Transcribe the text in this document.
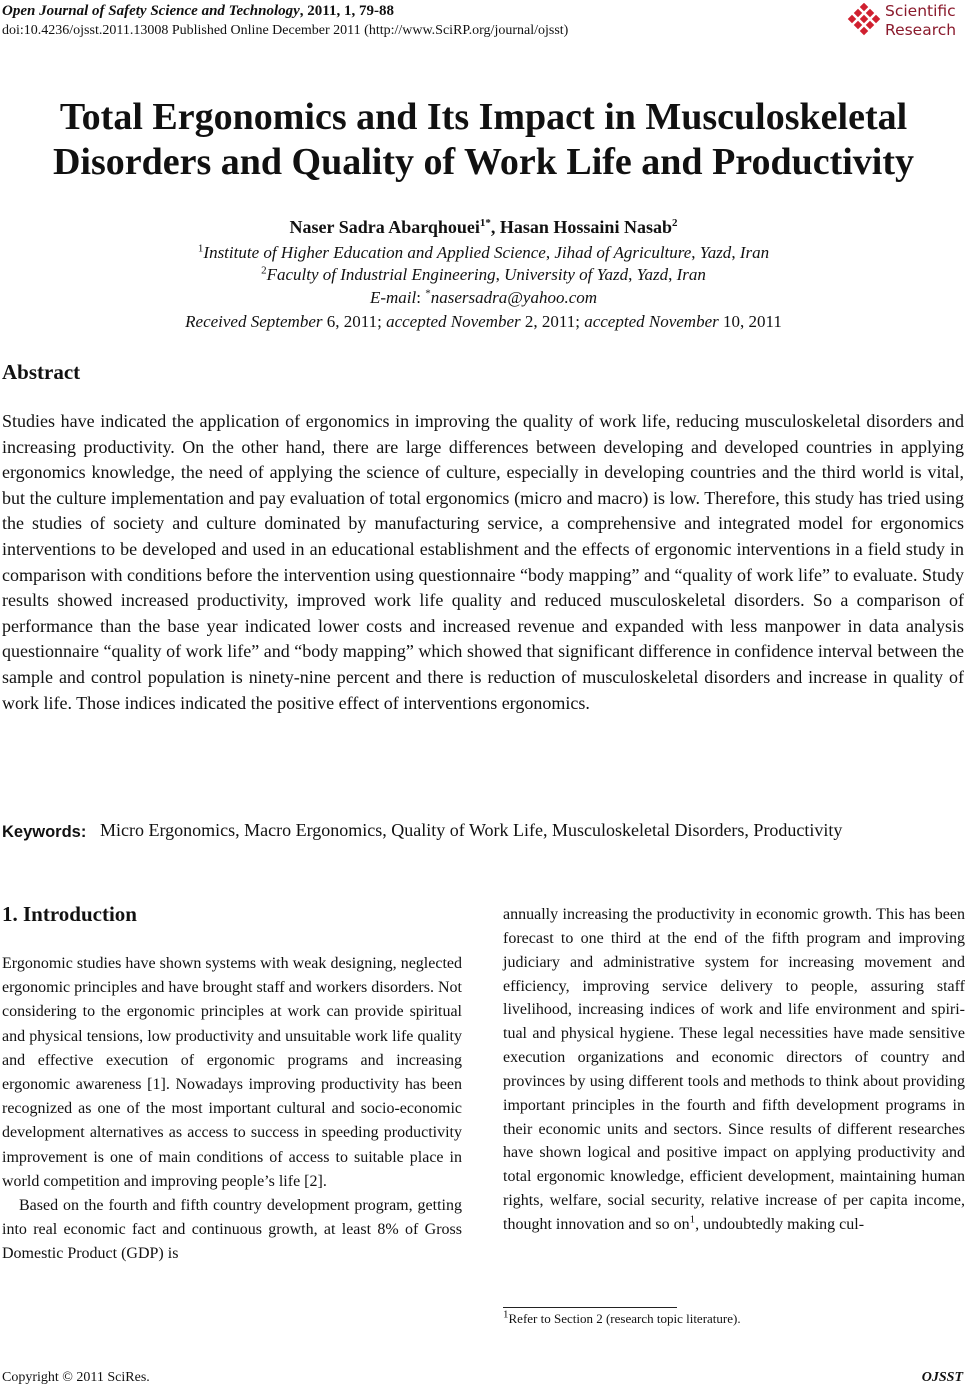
Open Journal of Safety Science and Technology, 2011, 1, 79-88
doi:10.4236/ojsst.2011.13008 Published Online December 2011 (http://www.SciRP.org/journal/ojsst)
Scientific
Research
Total Ergonomics and Its Impact in Musculoskeletal
Disorders and Quality of Work Life and Productivity
Naser Sadra Abarqhouei$^{1*}$, Hasan Hossaini Nasab$^2$
$^1$Institute of Higher Education and Applied Science, Jihad of Agriculture, Yazd, Iran
$^2$Faculty of Industrial Engineering, University of Yazd, Yazd, Iran
E-mail: *nasersadra@yahoo.com
Received September 6, 2011; accepted November 2, 2011; accepted November 10, 2011
Abstract
Studies have indicated the application of ergonomics in improving the quality of work life, reducing musculoskeletal disorders and increasing productivity. On the other hand, there are large differences between developing and developed countries in applying ergonomics knowledge, the need of applying the science of culture, especially in developing countries and the third world is vital, but the culture implementation and pay evaluation of total ergonomics (micro and macro) is low. Therefore, this study has tried using the studies of society and culture dominated by manufacturing service, a comprehensive and integrated model for ergonomics interventions to be developed and used in an educational establishment and the effects of ergonomic interventions in a field study in comparison with conditions before the intervention using questionnaire “body mapping” and “quality of work life” to evaluate. Study results showed increased productivity, improved work life quality and reduced musculoskeletal disorders. So a comparison of performance than the base year indicated lower costs and increased revenue and expanded with less manpower in data analysis questionnaire “quality of work life” and “body mapping” which showed that significant difference in confidence interval between the sample and control population is ninety-nine percent and there is reduction of musculoskeletal disorders and increase in quality of work life. Those indices indicated the positive effect of interventions ergonomics.
Keywords: Micro Ergonomics, Macro Ergonomics, Quality of Work Life, Musculoskeletal Disorders, Productivity
1. Introduction

Ergonomic studies have shown systems with weak designing, neglected ergonomic principles and have brought staff and workers disorders. Not considering to the ergonomic principles at work can provide spiritual and physical tensions, low productivity and unsuitable work life quality and effective execution of ergonomic programs and increasing ergonomic awareness [1]. Nowadays improving productivity has been recognized as one of the most important cultural and socio-economic development alternatives as access to success in speeding productivity improvement is one of main conditions of access to suitable place in world competition and improving people’s life [2].

Based on the fourth and fifth country development program, getting into real economic fact and continuous growth, at least 8% of Gross Domestic Product (GDP) is

annually increasing the productivity in economic growth. This has been forecast to one third at the end of the fifth program and improving judiciary and administrative system for increasing movement and efficiency, improving service delivery to people, assuring staff livelihood, increasing indices of work and life environment and spiritual and physical hygiene. These legal necessities have made sensitive execution organizations and economic directors of country and provinces by using different tools and methods to think about providing important principles in the fourth and fifth development programs in their economic units and sectors. Since results of different researches have shown logical and positive impact on applying productivity and total ergonomic knowledge, efficient development, maintaining human rights, welfare, social security, relative increase of per capita income, thought innovation and so $on^1$, undoubtedly making cul-

$^1$Refer to Section 2 (research topic literature).
Copyright © 2011 SciRes.	OJSST
